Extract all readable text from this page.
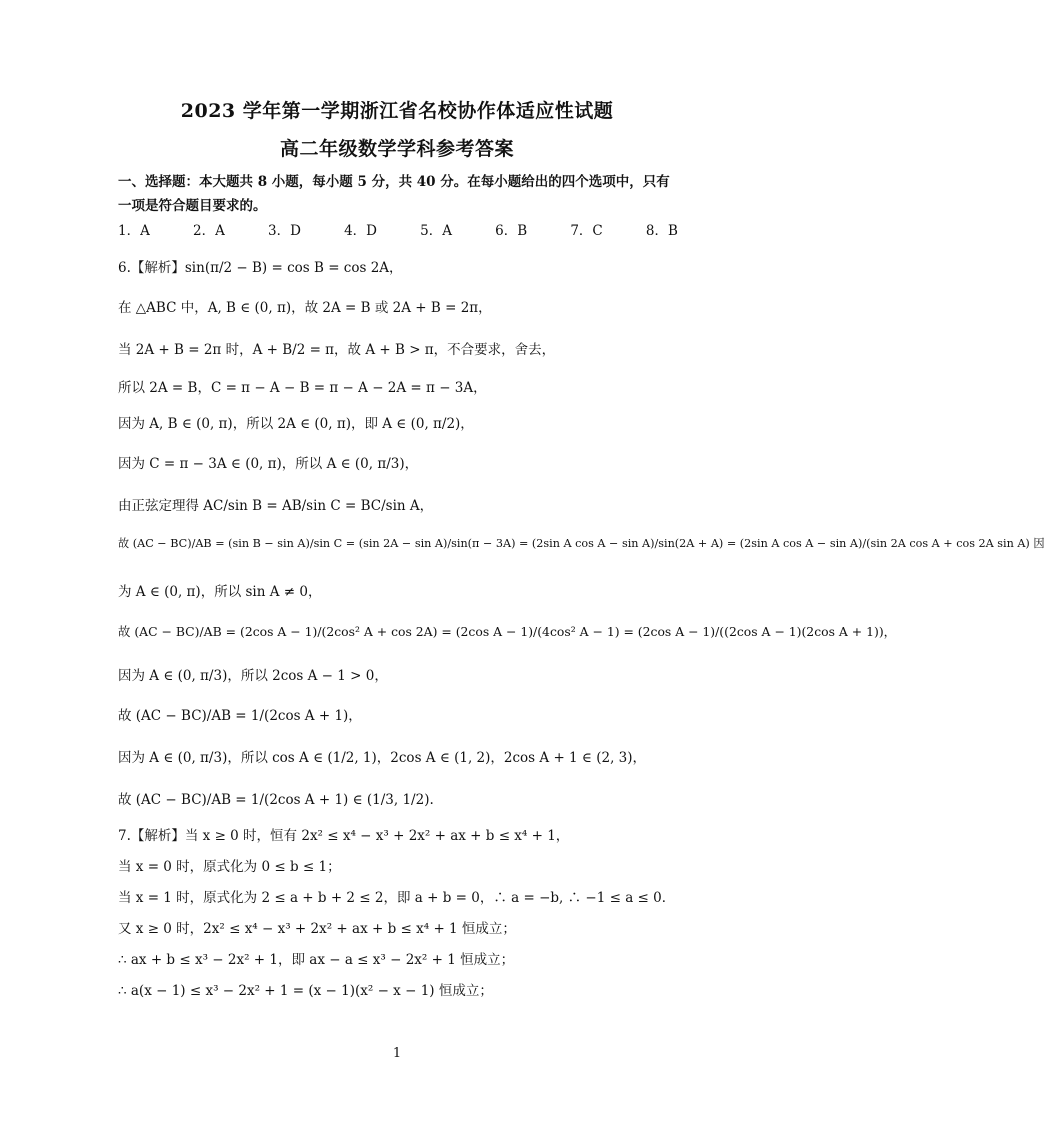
2023 学年第一学期浙江省名校协作体适应性试题
高二年级数学学科参考答案
一、选择题：本大题共 8 小题，每小题 5 分，共 40 分。在每小题给出的四个选项中，只有
一项是符合题目要求的。
1．A	2．A	3．D	4．D	5．A	6．B	7．C	8．B
6.【解析】sin(π/2 − B) = cos B = cos 2A，
在 △ABC 中，A, B ∈ (0, π)，故 2A = B 或 2A + B = 2π，
当 2A + B = 2π 时，A + B/2 = π，故 A + B > π，不合要求，舍去，
所以 2A = B，C = π − A − B = π − A − 2A = π − 3A，
因为 A, B ∈ (0, π)，所以 2A ∈ (0, π)，即 A ∈ (0, π/2)，
因为 C = π − 3A ∈ (0, π)，所以 A ∈ (0, π/3)，
由正弦定理得 AC/sin B = AB/sin C = BC/sin A，
故 (AC − BC)/AB = (sin B − sin A)/sin C = (sin 2A − sin A)/sin(π − 3A) = (2sin A cos A − sin A)/sin(2A + A) = (2sin A cos A − sin A)/(sin 2A cos A + cos 2A sin A) 因
为 A ∈ (0, π)，所以 sin A ≠ 0，
故 (AC − BC)/AB = (2cos A − 1)/(2cos² A + cos 2A) = (2cos A − 1)/(4cos² A − 1) = (2cos A − 1)/((2cos A − 1)(2cos A + 1))，
因为 A ∈ (0, π/3)，所以 2cos A − 1 > 0，
故 (AC − BC)/AB = 1/(2cos A + 1)，
因为 A ∈ (0, π/3)，所以 cos A ∈ (1/2, 1)，2cos A ∈ (1, 2)，2cos A + 1 ∈ (2, 3)，
故 (AC − BC)/AB = 1/(2cos A + 1) ∈ (1/3, 1/2).
7.【解析】当 x ≥ 0 时，恒有 2x² ≤ x⁴ − x³ + 2x² + ax + b ≤ x⁴ + 1，
当 x = 0 时，原式化为 0 ≤ b ≤ 1；
当 x = 1 时，原式化为 2 ≤ a + b + 2 ≤ 2，即 a + b = 0，∴ a = −b, ∴ −1 ≤ a ≤ 0．
又 x ≥ 0 时，2x² ≤ x⁴ − x³ + 2x² + ax + b ≤ x⁴ + 1 恒成立；
∴ ax + b ≤ x³ − 2x² + 1，即 ax − a ≤ x³ − 2x² + 1 恒成立；
∴ a(x − 1) ≤ x³ − 2x² + 1 = (x − 1)(x² − x − 1) 恒成立；
1
